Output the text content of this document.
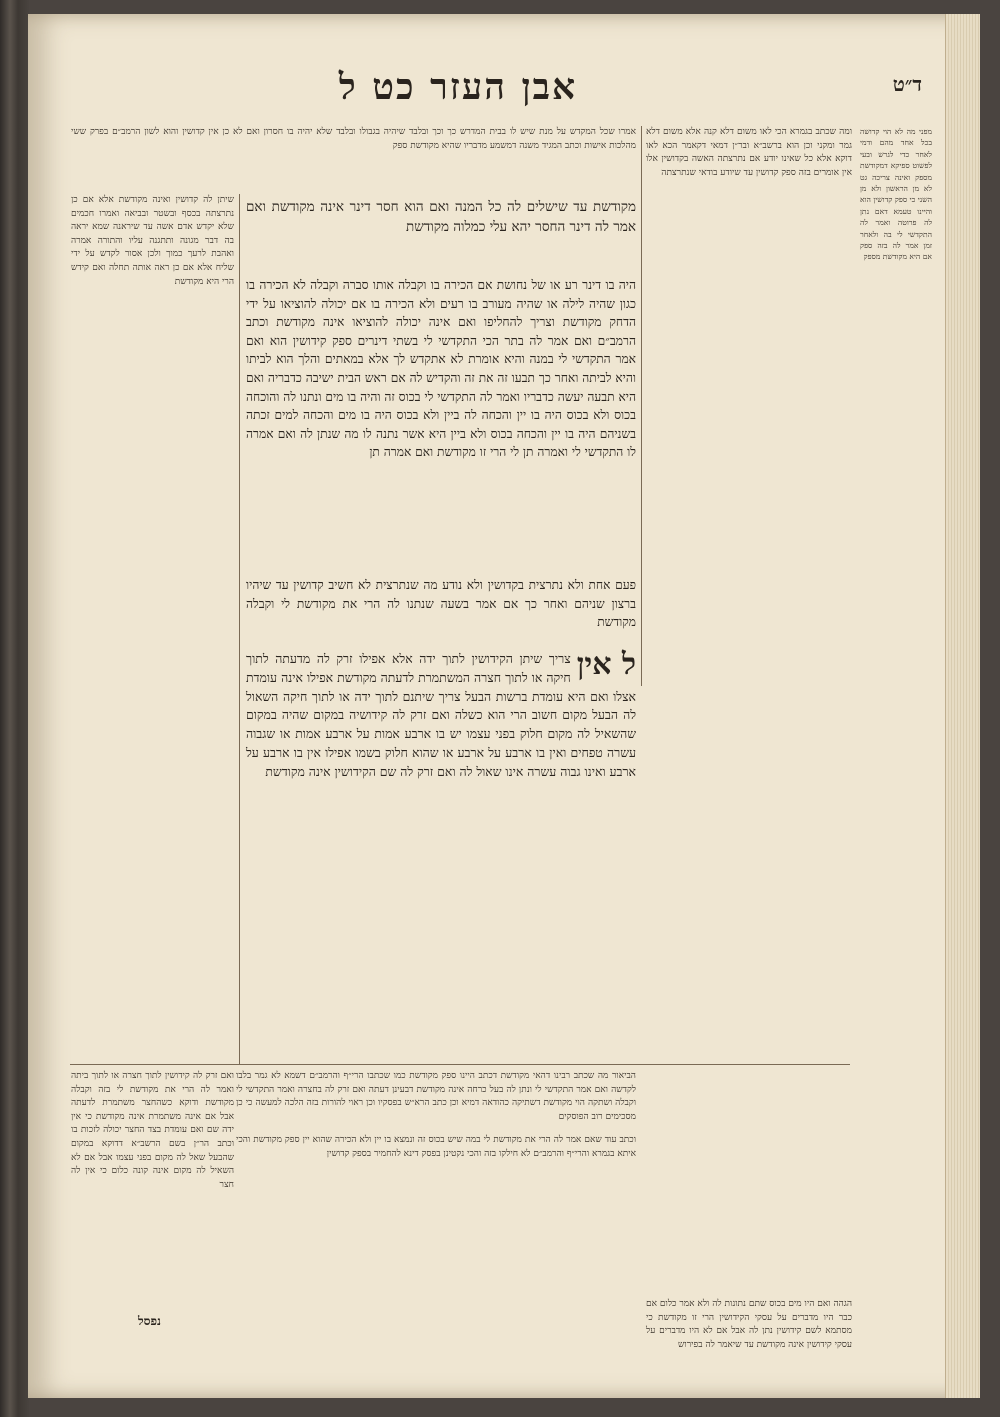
ד״ט
אבן העזר כט ל
מפני מה לא הוי קדושה בכל אחד מהם ודמי לאחר כדי לגרש ובעי לפשוט ספיקא דמקודשת מספק ואינה צריכה גט לא מן הראשון ולא מן השני כי ספק קדושין הוא והיינו טעמא דאם נתן לה פרוטה ואמר לה התקדשי לי בה ולאחר זמן אמר לה בזה ספק אם היא מקודשת מספק
ומה שכתב בגמרא הכי לאו משום דלא קנה אלא משום דלא גמר ומקני וכן הוא ברשב״א ובר״ן דמאי דקאמר הכא לאו דוקא אלא כל שאינו יודע אם נתרצתה האשה בקדושין אלו אין אומרים בזה ספק קדושין עד שיודע בודאי שנתרצתה
אמרו שכל המקדש על מנת שיש לו בבית המדרש כך וכך ובלבד שיהיה בגבולו ובלבד שלא יהיה בו חסרון ואם לא כן אין קדושין והוא לשון הרמב״ם בפרק ששי מהלכות אישות וכתב המגיד משנה דמשמע מדבריו שהיא מקודשת ספק
שיתן לה קדושין ואינה מקודשת אלא אם כן נתרצתה בכסף ובשטר ובביאה ואמרו חכמים שלא יקדש אדם אשה עד שיראנה שמא יראה בה דבר מגונה ותתגנה עליו והתורה אמרה ואהבת לרעך כמוך ולכן אסור לקדש על ידי שליח אלא אם כן ראה אותה תחלה ואם קידש הרי היא מקודשת
מקודשת עד שישלים לה כל המנה ואם הוא חסר דינר אינה מקודשת ואם אמר לה דינר החסר יהא עלי כמלוה מקודשת
היה בו דינר רע או של נחושת אם הכירה בו וקבלה אותו סברה וקבלה לא הכירה בו כגון שהיה לילה או שהיה מעורב בו רעים ולא הכירה בו אם יכולה להוציאו על ידי הדחק מקודשת וצריך להחליפו ואם אינה יכולה להוציאו אינה מקודשת וכתב הרמב״ם ואם אמר לה בתר הכי התקדשי לי בשתי דינרים ספק קידושין הוא ואם אמר התקדשי לי במנה והיא אומרת לא אתקדש לך אלא במאתים והלך הוא לביתו והיא לביתה ואחר כך תבעו זה את זה והקדיש לה אם ראש הבית ישיבה כדבריה ואם היא תבעה יעשה כדבריו ואמר לה התקדשי לי בכוס זה והיה בו מים ונתנו לה והוכחה בכוס ולא בכוס היה בו יין והכחה לה ביין ולא בכוס היה בו מים והכחה למים זכתה בשניהם היה בו יין והכחה בכוס ולא ביין היא אשר נתנה לו מה שנתן לה ואם אמרה לו התקדשי לי ואמרה תן לי הרי זו מקודשת ואם אמרה תן
פעם אחת ולא נתרצית בקדושין ולא נודע מה שנתרצית לא חשיב קדושין עד שיהיו ברצון שניהם ואחר כך אם אמר בשעה שנתנו לה הרי את מקודשת לי וקבלה מקודשת
ל אין
צריך שיתן הקידושין לתוך ידה אלא אפילו זרק לה מדעתה לתוך חיקה או לתוך חצרה המשתמרת לדעתה מקודשת אפילו אינה עומדת אצלו ואם היא עומדת ברשות הבעל צריך שיתנם לתוך ידה או לתוך חיקה השאול לה הבעל מקום חשוב הרי הוא כשלה ואם זרק לה קידושיה במקום שהיה במקום שהשאיל לה מקום חלוק בפני עצמו יש בו ארבע אמות על ארבע אמות או שגבוה עשרה טפחים ואין בו ארבע על ארבע או שהוא חלוק בשמו אפילו אין בו ארבע על ארבע ואינו גבוה עשרה אינו שאול לה ואם זרק לה שם הקידושין אינה מקודשת
הביאור מה שכתב רבינו דהאי מקודשת דכתב היינו ספק מקודשת כמו שכתבו הרי״ף והרמב״ם דשמא לא גמר בלבו לקדשה ואם אמר התקדשי לי ונתן לה בעל כרחה אינה מקודשת דבעינן דעתה ואם זרק לה בחצרה ואמר התקדשי לי וקבלה ושתקה הוי מקודשת דשתיקה כהודאה דמיא וכן כתב הרא״ש בפסקיו וכן ראוי להורות בזה הלכה למעשה כי כן מסכימים רוב הפוסקים
וכתב עוד שאם אמר לה הרי את מקודשת לי במה שיש בכוס זה ונמצא בו יין ולא הכירה שהוא יין ספק מקודשת והכי איתא בגמרא והרי״ף והרמב״ם לא חילקו בזה והכי נקטינן בפסק דינא להחמיר בספק קדושין
ואם זרק לה קידושין לתוך חצרה או לתוך ביתה ואמר לה הרי את מקודשת לי בזה וקבלה מקודשת ודוקא כשהחצר משתמרת לדעתה אבל אם אינה משתמרת אינה מקודשת כי אין ידה שם ואם עומדת בצד החצר יכולה לזכות בו וכתב הר״ן בשם הרשב״א דדוקא במקום שהבעל שאל לה מקום בפני עצמו אבל אם לא השאיל לה מקום אינה קונה כלום כי אין לה חצר
הגהה ואם היו מים בכוס שתם נתונות לה ולא אמר כלום אם כבר היו מדברים על עסקי הקידושין הרי זו מקודשת כי מסתמא לשם קידושין נתן לה אבל אם לא היו מדברים על עסקי קידושין אינה מקודשת עד שיאמר לה בפירוש
נפסל
